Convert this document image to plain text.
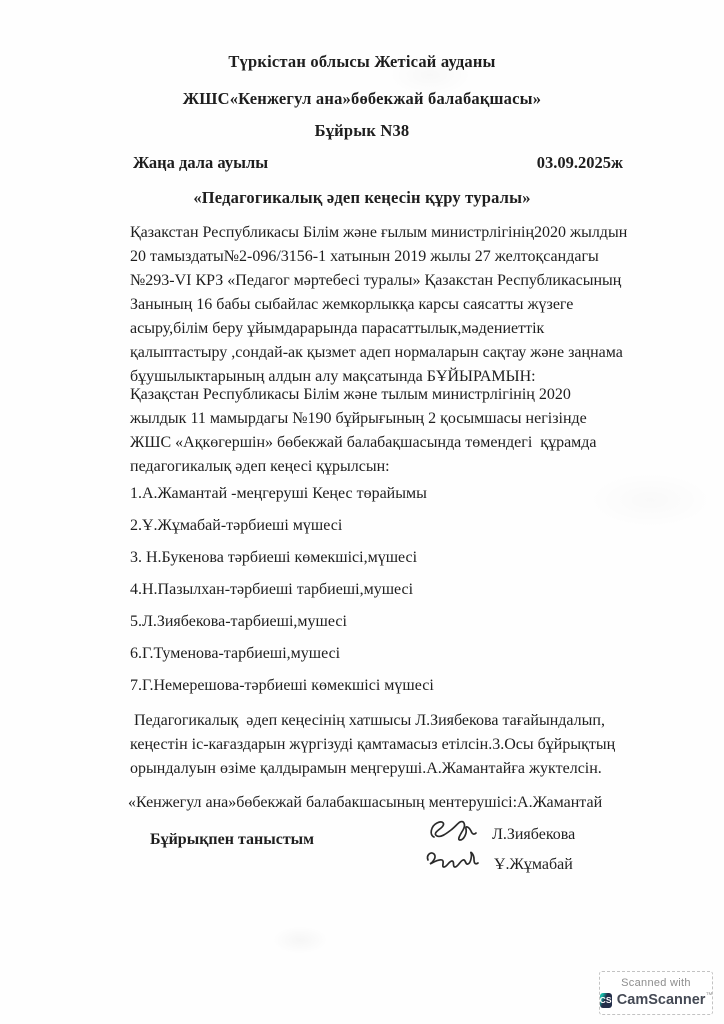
Түркістан облысы Жетісай ауданы
ЖШС«Кенжегул ана»бөбекжай балабақшасы»
Бұйрык N38
Жаңа дала ауылы	03.09.2025ж
«Педагогикалық әдеп кеңесін құру туралы»
Қазакстан Республикасы Білім және ғылым министрлігінің2020 жылдын 20 тамыздаты№2-096/3156-1 хатынын 2019 жылы 27 желтоқсандагы №293-VI КРЗ «Педагог мәртебесі туралы» Қазакстан Республикасының Занының 16 бабы сыбайлас жемкорлыкқа карсы саясатты жүзеге асыру,білім беру ұйымдарарында парасаттылык,мәдениеттік қалыптастыру ,сондай-ак қызмет адеп нормаларын сақтау және заңнама бұушылыктарының алдын алу мақсатында БҰЙЫРАМЫН:
Қазақстан Республикасы Білім және тылым министрлігінің 2020 жылдык 11 мамырдагы №190 бұйрығының 2 қосымшасы негізінде ЖШС «Ақкөгершін» бөбекжай балабақшасында төмендегі  құрамда педагогикалық әдеп кеңесі құрылсын:
1.А.Жамантай -меңгеруші Кеңес төрайымы
2.Ұ.Жұмабай-тәрбиеші мүшесі
3. Н.Букенова тәрбиеші көмекшісі,мүшесі
4.Н.Пазылхан-тәрбиеші тарбиеші,мушесі
5.Л.Зиябекова-тарбиеші,мушесі
6.Г.Туменова-тарбиеші,мушесі
7.Г.Немерешова-тәрбиеші көмекшісі мүшесі
Педагогикалық  әдеп кеңесінің хатшысы Л.Зиябекова тағайындалып, кеңестін іс-кағаздарын жүргізуді қамтамасыз етілсін.3.Осы бұйрықтың орындалуын өзіме қалдырамын меңгеруші.А.Жамантайға жуктелсін.
«Кенжегул ана»бөбекжай балабакшасының ментерушісі:А.Жамантай
Бұйрықпен таныстым	Л.Зиябекова
Ұ.Жұмабай
Scanned with
CS CamScanner™
